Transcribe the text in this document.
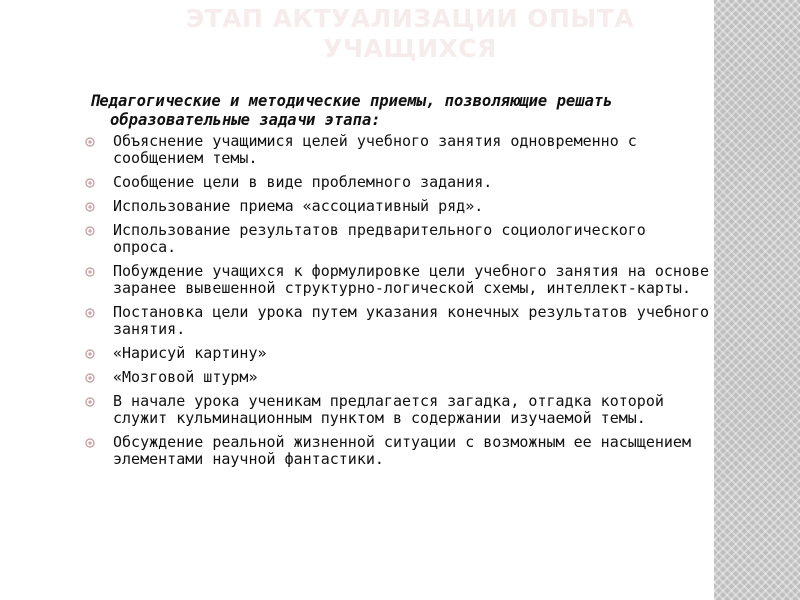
ЭТАП АКТУАЛИЗАЦИИ ОПЫТА УЧАЩИХСЯ

Педагогические и методические приемы, позволяющие решать образовательные задачи этапа:

Объяснение учащимися целей учебного занятия одновременно с сообщением темы.
Сообщение цели в виде проблемного задания.
Использование приема «ассоциативный ряд».
Использование результатов предварительного социологического опроса.
Побуждение учащихся к формулировке цели учебного занятия на основе заранее вывешенной структурно-логической схемы, интеллект-карты.
Постановка цели урока путем указания конечных результатов учебного занятия.
«Нарисуй картину»
«Мозговой штурм»
В начале урока ученикам предлагается загадка, отгадка которой служит кульминационным пунктом в содержании изучаемой темы.
Обсуждение реальной жизненной ситуации с возможным ее насыщением элементами научной фантастики.
